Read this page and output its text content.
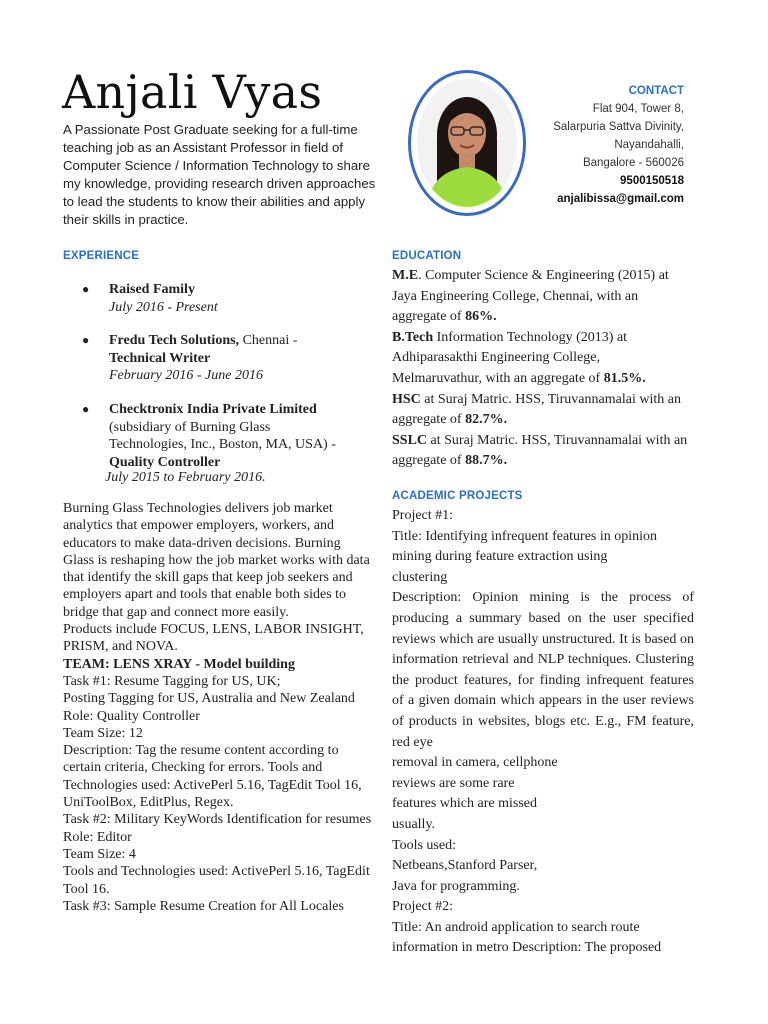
Anjali Vyas
A Passionate Post Graduate seeking for a full-time teaching job as an Assistant Professor in field of Computer Science / Information Technology to share my knowledge, providing research driven approaches to lead the students to know their abilities and apply their skills in practice.
CONTACT
Flat 904, Tower 8,
Salarpuria Sattva Divinity,
Nayandahalli,
Bangalore - 560026
9500150518
anjalibissa@gmail.com
EXPERIENCE
● Raised Family
July 2016 - Present
● Fredu Tech Solutions, Chennai -
Technical Writer
February 2016 - June 2016
● Checktronix India Private Limited
(subsidiary of Burning Glass Technologies, Inc., Boston, MA, USA) -
Quality Controller
July 2015 to February 2016.

Burning Glass Technologies delivers job market analytics that empower employers, workers, and educators to make data-driven decisions. Burning Glass is reshaping how the job market works with data that identify the skill gaps that keep job seekers and employers apart and tools that enable both sides to bridge that gap and connect more easily.

Products include FOCUS, LENS, LABOR INSIGHT, PRISM, and NOVA.

TEAM: LENS XRAY - Model building

Task #1: Resume Tagging for US, UK;

Posting Tagging for US, Australia and New Zealand Role: Quality Controller

Team Size: 12

Description: Tag the resume content according to certain criteria, Checking for errors. Tools and Technologies used: ActivePerl 5.16, TagEdit Tool 16, UniToolBox, EditPlus, Regex.

Task #2: Military KeyWords Identification for resumes

Role: Editor

Team Size: 4

Tools and Technologies used: ActivePerl 5.16, TagEdit Tool 16.

Task #3: Sample Resume Creation for All Locales

EDUCATION

M.E. Computer Science & Engineering (2015) at Jaya Engineering College, Chennai, with an aggregate of 86%.

B.Tech Information Technology (2013) at Adhiparasakthi Engineering College, Melmaruvathur, with an aggregate of 81.5%.

HSC at Suraj Matric. HSS, Tiruvannamalai with an aggregate of 82.7%.

SSLC at Suraj Matric. HSS, Tiruvannamalai with an aggregate of 88.7%.

ACADEMIC PROJECTS
Project #1:
Title: Identifying infrequent features in opinion mining during feature extraction using
clustering
Description: Opinion mining is the process of producing a summary based on the user specified reviews which are usually unstructured. It is based on information retrieval and NLP techniques. Clustering the product features, for finding infrequent features of a given domain which appears in the user reviews of products in websites, blogs etc. E.g., FM feature, red eye
removal in camera, cellphone
reviews are some rare
features which are missed
usually.
Tools used:
Netbeans,Stanford Parser,
Java for programming.
Project #2:
Title: An android application to search route information in metro Description: The proposed
